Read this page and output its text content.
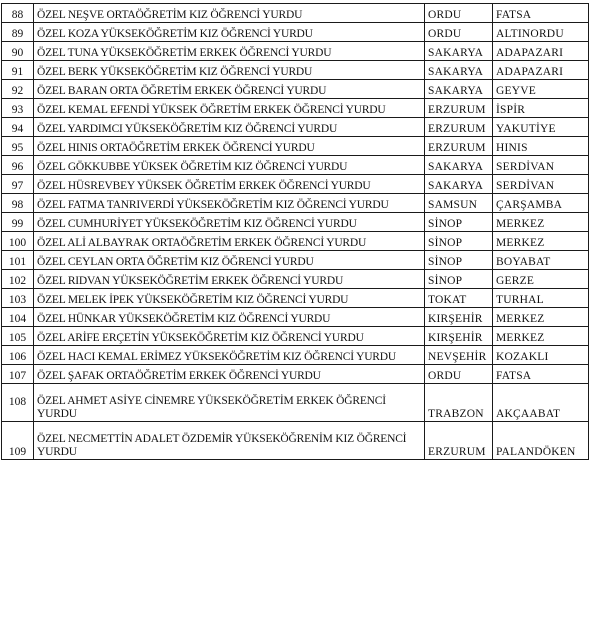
88	ÖZEL NEŞVE ORTAÖĞRETİM KIZ ÖĞRENCİ YURDU	ORDU	FATSA
89	ÖZEL KOZA YÜKSEKÖĞRETİM KIZ ÖĞRENCİ YURDU	ORDU	ALTINORDU
90	ÖZEL TUNA YÜKSEKÖĞRETİM ERKEK ÖĞRENCİ YURDU	SAKARYA	ADAPAZARI
91	ÖZEL BERK YÜKSEKÖĞRETİM KIZ ÖĞRENCİ YURDU	SAKARYA	ADAPAZARI
92	ÖZEL BARAN ORTA ÖĞRETİM ERKEK ÖĞRENCİ YURDU	SAKARYA	GEYVE
93	ÖZEL KEMAL EFENDİ YÜKSEK ÖĞRETİM ERKEK ÖĞRENCİ YURDU	ERZURUM	İSPİR
94	ÖZEL YARDIMCI YÜKSEKÖĞRETİM KIZ ÖĞRENCİ YURDU	ERZURUM	YAKUTİYE
95	ÖZEL HINIS ORTAÖĞRETİM ERKEK ÖĞRENCİ YURDU	ERZURUM	HINIS
96	ÖZEL GÖKKUBBE YÜKSEK ÖĞRETİM KIZ ÖĞRENCİ YURDU	SAKARYA	SERDİVAN
97	ÖZEL HÜSREVBEY YÜKSEK ÖĞRETİM ERKEK ÖĞRENCİ YURDU	SAKARYA	SERDİVAN
98	ÖZEL FATMA TANRIVERDİ YÜKSEKÖĞRETİM KIZ ÖĞRENCİ YURDU	SAMSUN	ÇARŞAMBA
99	ÖZEL CUMHURİYET YÜKSEKÖĞRETİM KIZ ÖĞRENCİ YURDU	SİNOP	MERKEZ
100	ÖZEL ALİ ALBAYRAK ORTAÖĞRETİM ERKEK ÖĞRENCİ YURDU	SİNOP	MERKEZ
101	ÖZEL CEYLAN ORTA ÖĞRETİM KIZ ÖĞRENCİ YURDU	SİNOP	BOYABAT
102	ÖZEL RIDVAN YÜKSEKÖĞRETİM ERKEK ÖĞRENCİ YURDU	SİNOP	GERZE
103	ÖZEL MELEK İPEK YÜKSEKÖĞRETİM KIZ ÖĞRENCİ YURDU	TOKAT	TURHAL
104	ÖZEL HÜNKAR YÜKSEKÖĞRETİM KIZ ÖĞRENCİ YURDU	KIRŞEHİR	MERKEZ
105	ÖZEL ARİFE ERÇETİN YÜKSEKÖĞRETİM KIZ ÖĞRENCİ YURDU	KIRŞEHİR	MERKEZ
106	ÖZEL HACI KEMAL ERİMEZ YÜKSEKÖĞRETİM KIZ ÖĞRENCİ YURDU	NEVŞEHİR	KOZAKLI
107	ÖZEL ŞAFAK ORTAÖĞRETİM ERKEK ÖĞRENCİ YURDU	ORDU	FATSA
108	ÖZEL AHMET ASİYE CİNEMRE YÜKSEKÖĞRETİM ERKEK ÖĞRENCİ YURDU	TRABZON	AKÇAABAT
109	ÖZEL NECMETTİN ADALET ÖZDEMİR YÜKSEKÖĞRENİM KIZ ÖĞRENCİ YURDU	ERZURUM	PALANDÖKEN
